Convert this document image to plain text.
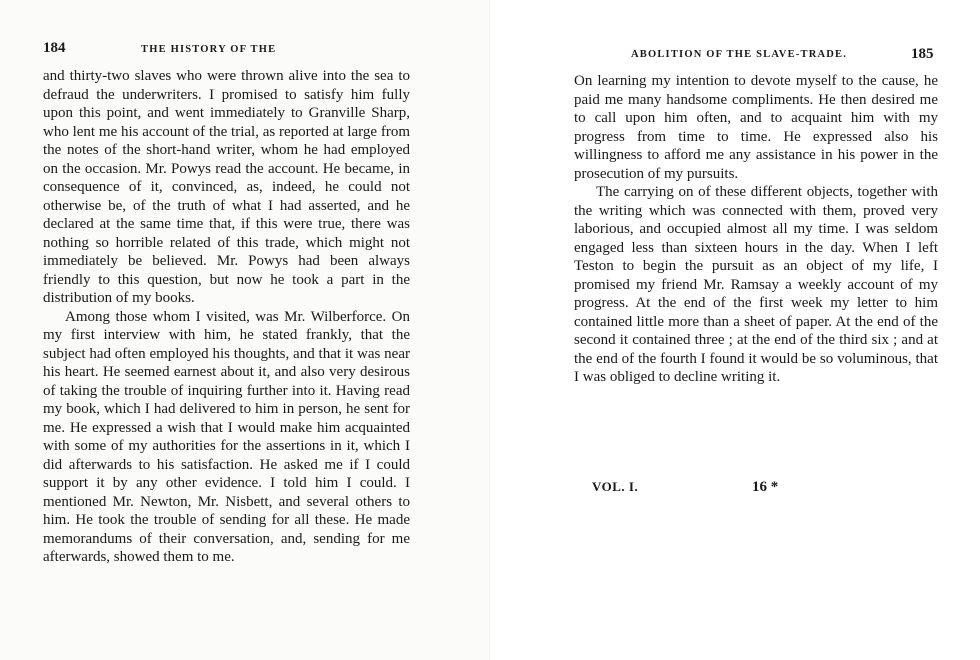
184	THE HISTORY OF THE

and thirty-two slaves who were thrown alive into the sea to defraud the underwriters. I promised to satisfy him fully upon this point, and went immediately to Granville Sharp, who lent me his account of the trial, as reported at large from the notes of the short-hand writer, whom he had employed on the occasion. Mr. Powys read the account. He became, in consequence of it, convinced, as, indeed, he could not otherwise be, of the truth of what I had asserted, and he declared at the same time that, if this were true, there was nothing so horrible related of this trade, which might not immediately be believed. Mr. Powys had been always friendly to this question, but now he took a part in the distribution of my books.

Among those whom I visited, was Mr. Wilberforce. On my first interview with him, he stated frankly, that the subject had often employed his thoughts, and that it was near his heart. He seemed earnest about it, and also very desirous of taking the trouble of inquiring further into it. Having read my book, which I had delivered to him in person, he sent for me. He expressed a wish that I would make him acquainted with some of my authorities for the assertions in it, which I did afterwards to his satisfaction. He asked me if I could support it by any other evidence. I told him I could. I mentioned Mr. Newton, Mr. Nisbett, and several others to him. He took the trouble of sending for all these. He made memorandums of their conversation, and, sending for me afterwards, showed them to me.

ABOLITION OF THE SLAVE-TRADE.	185

On learning my intention to devote myself to the cause, he paid me many handsome compliments. He then desired me to call upon him often, and to acquaint him with my progress from time to time. He expressed also his willingness to afford me any assistance in his power in the prosecution of my pursuits.

The carrying on of these different objects, together with the writing which was connected with them, proved very laborious, and occupied almost all my time. I was seldom engaged less than sixteen hours in the day. When I left Teston to begin the pursuit as an object of my life, I promised my friend Mr. Ramsay a weekly account of my progress. At the end of the first week my letter to him contained little more than a sheet of paper. At the end of the second it contained three ; at the end of the third six ; and at the end of the fourth I found it would be so voluminous, that I was obliged to decline writing it.

VOL. I.	16 *
